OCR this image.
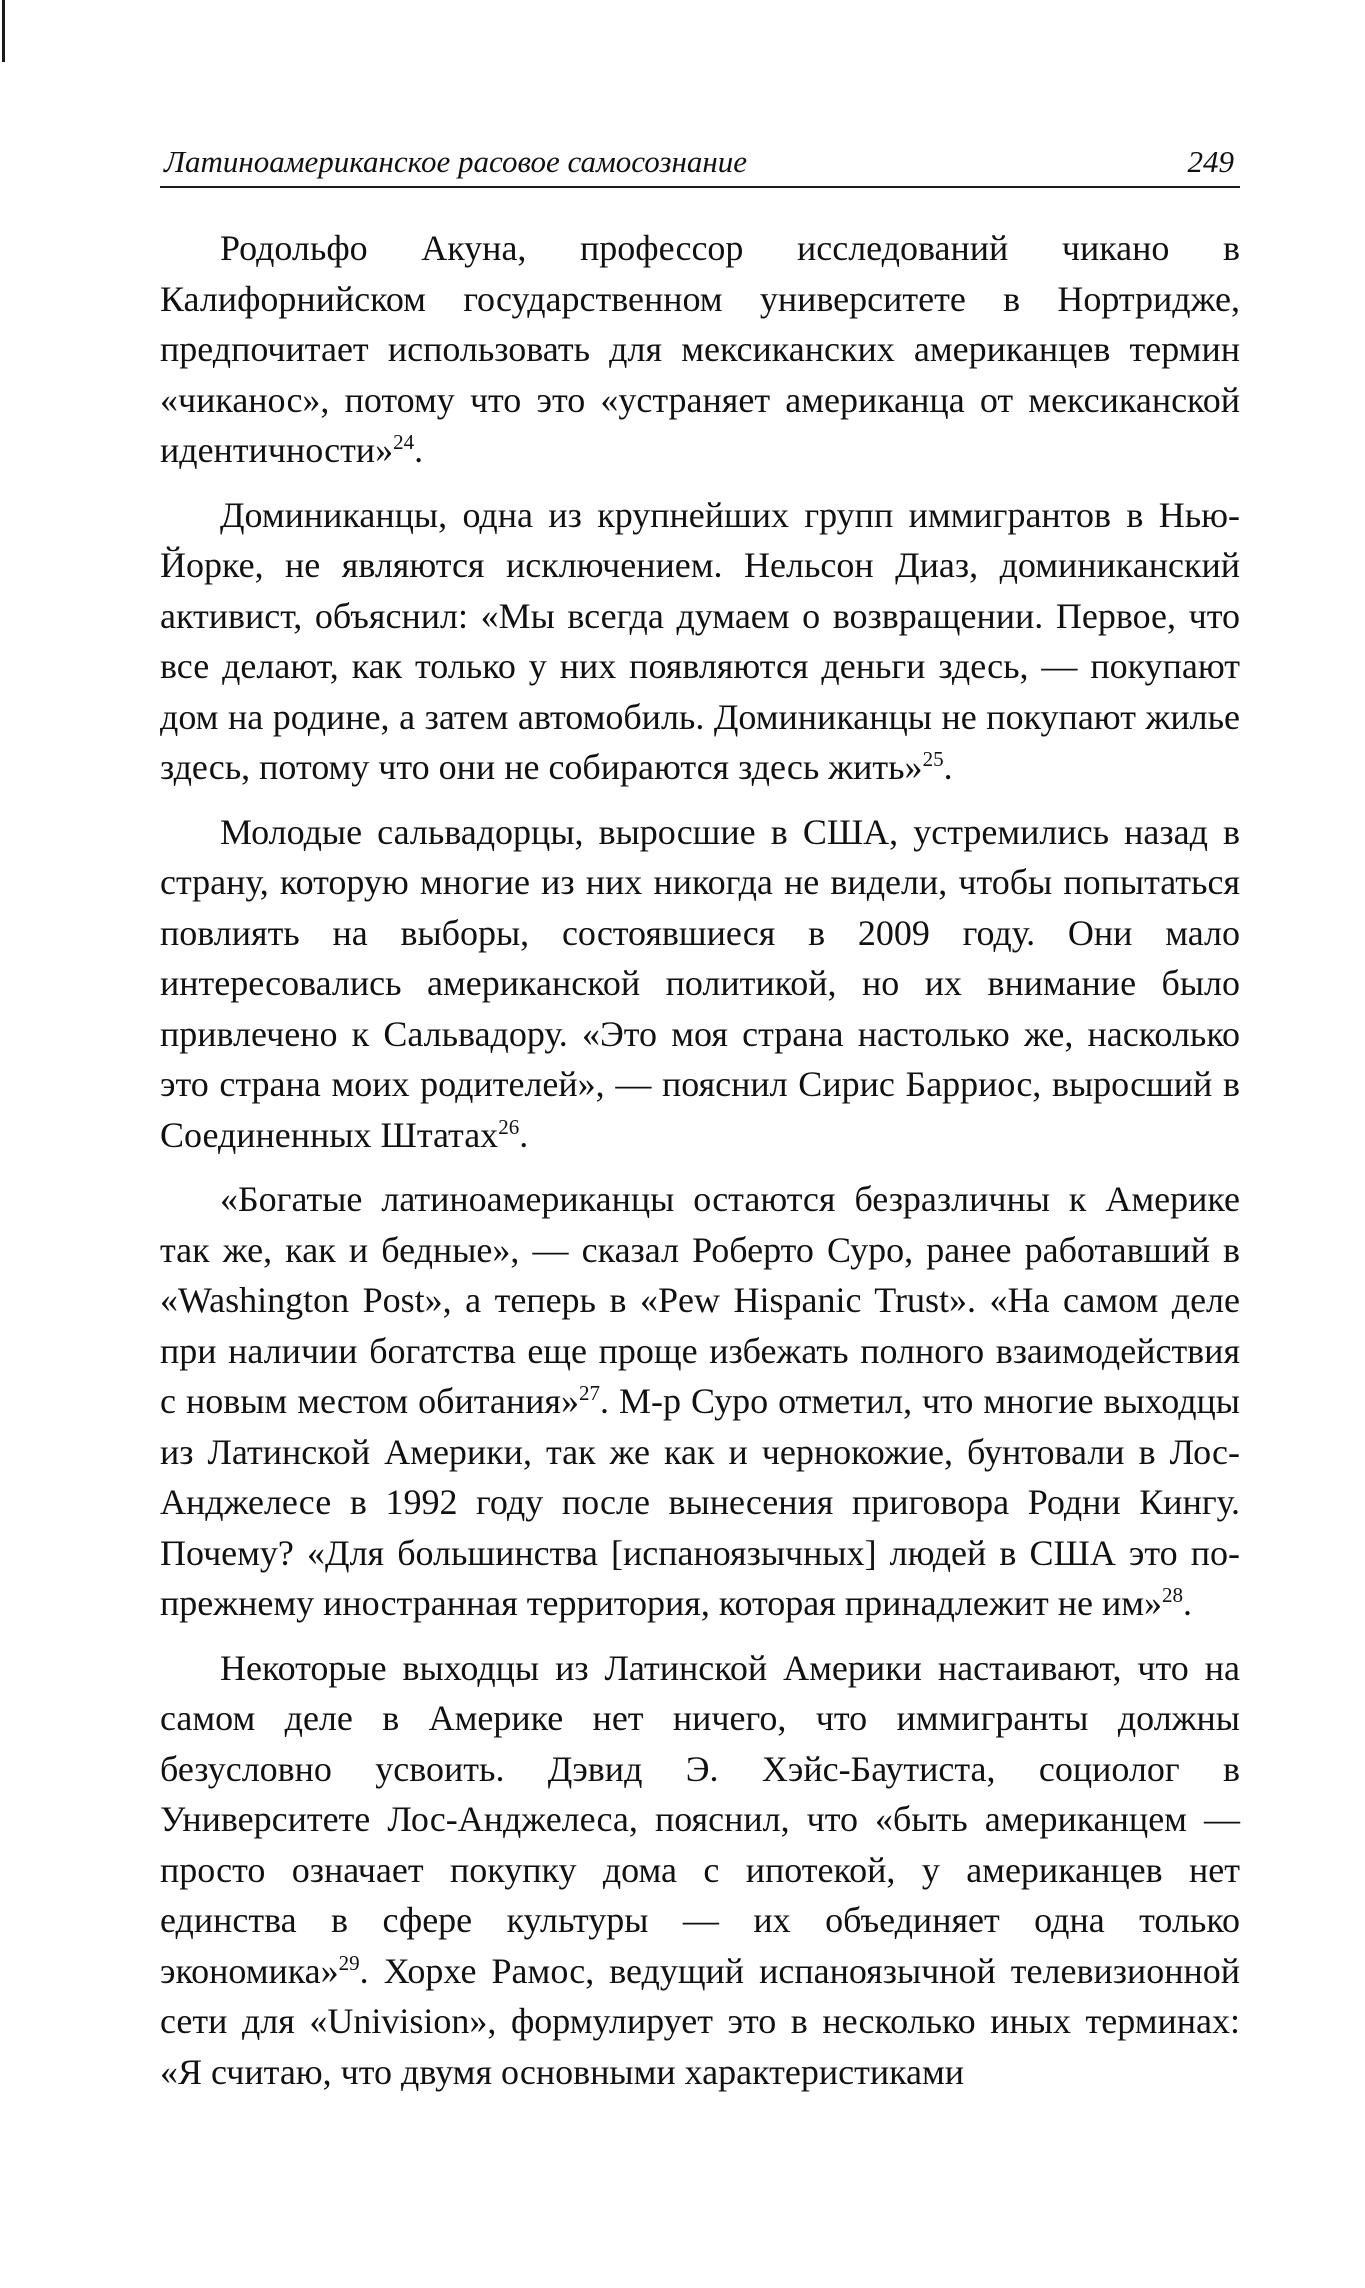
Латиноамериканское расовое самосознание	249

Родольфо Акуна, профессор исследований чикано в Калифорнийском государственном университете в Нортридже, предпочитает использовать для мексиканских американцев термин «чиканос», потому что это «устраняет американца от мексиканской идентичности»$^{24}$.

Доминиканцы, одна из крупнейших групп иммигрантов в Нью-Йорке, не являются исключением. Нельсон Диаз, доминиканский активист, объяснил: «Мы всегда думаем о возвращении. Первое, что все делают, как только у них появляются деньги здесь, — покупают дом на родине, а затем автомобиль. Доминиканцы не покупают жилье здесь, потому что они не собираются здесь жить»$^{25}$.

Молодые сальвадорцы, выросшие в США, устремились назад в страну, которую многие из них никогда не видели, чтобы попытаться повлиять на выборы, состоявшиеся в 2009 году. Они мало интересовались американской политикой, но их внимание было привлечено к Сальвадору. «Это моя страна настолько же, насколько это страна моих родителей», — пояснил Сирис Барриос, выросший в Соединенных Штатах$^{26}$.

«Богатые латиноамериканцы остаются безразличны к Америке так же, как и бедные», — сказал Роберто Суро, ранее работавший в «Washington Post», а теперь в «Pew Hispanic Trust». «На самом деле при наличии богатства еще проще избежать полного взаимодействия с новым местом обитания»$^{27}$. М-р Суро отметил, что многие выходцы из Латинской Америки, так же как и чернокожие, бунтовали в Лос-Анджелесе в 1992 году после вынесения приговора Родни Кингу. Почему? «Для большинства [испаноязычных] людей в США это по-прежнему иностранная территория, которая принадлежит не им»$^{28}$.

Некоторые выходцы из Латинской Америки настаивают, что на самом деле в Америке нет ничего, что иммигранты должны безусловно усвоить. Дэвид Э. Хэйс-Баутиста, социолог в Университете Лос-Анджелеса, пояснил, что «быть американцем — просто означает покупку дома с ипотекой, у американцев нет единства в сфере культуры — их объединяет одна только экономика»$^{29}$. Хорхе Рамос, ведущий испаноязычной телевизионной сети для «Univision», формулирует это в несколько иных терминах: «Я считаю, что двумя основными характеристиками
